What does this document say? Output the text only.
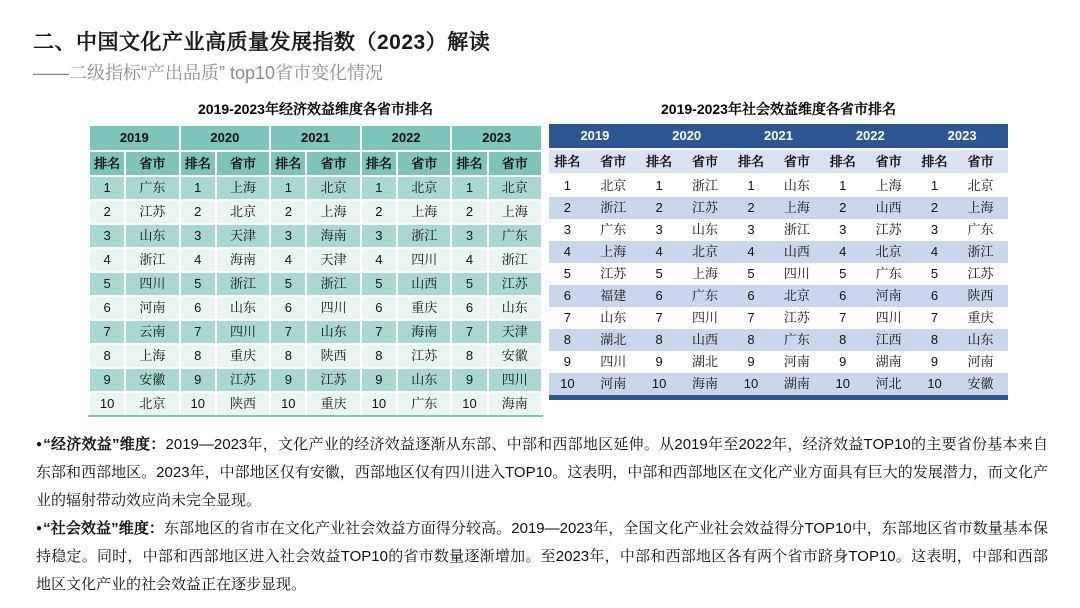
二、中国文化产业高质量发展指数（2023）解读
——二级指标“产出品质” top10省市变化情况
2019-2023年经济效益维度各省市排名
2019		2020		2021		2022		2023	
排名	省市	排名	省市	排名	省市	排名	省市	排名	省市
1	广东	1	上海	1	北京	1	北京	1	北京
2	江苏	2	北京	2	上海	2	上海	2	上海
3	山东	3	天津	3	海南	3	浙江	3	广东
4	浙江	4	海南	4	天津	4	四川	4	浙江
5	四川	5	浙江	5	浙江	5	山西	5	江苏
6	河南	6	山东	6	四川	6	重庆	6	山东
7	云南	7	四川	7	山东	7	海南	7	天津
8	上海	8	重庆	8	陕西	8	江苏	8	安徽
9	安徽	9	江苏	9	江苏	9	山东	9	四川
10	北京	10	陕西	10	重庆	10	广东	10	海南
2019-2023年社会效益维度各省市排名
2019		2020		2021		2022		2023	
排名	省市	排名	省市	排名	省市	排名	省市	排名	省市
1	北京	1	浙江	1	山东	1	上海	1	北京
2	浙江	2	江苏	2	上海	2	山西	2	上海
3	广东	3	山东	3	浙江	3	江苏	3	广东
4	上海	4	北京	4	山西	4	北京	4	浙江
5	江苏	5	上海	5	四川	5	广东	5	江苏
6	福建	6	广东	6	北京	6	河南	6	陕西
7	山东	7	四川	7	江苏	7	四川	7	重庆
8	湖北	8	山西	8	广东	8	江西	8	山东
9	四川	9	湖北	9	河南	9	湖南	9	河南
10	河南	10	海南	10	湖南	10	河北	10	安徽

●“经济效益”维度：2019—2023年，文化产业的经济效益逐渐从东部、中部和西部地区延伸。从2019年至2022年，经济效益TOP10的主要省份基本来自东部和西部地区。2023年，中部地区仅有安徽，西部地区仅有四川进入TOP10。这表明，中部和西部地区在文化产业方面具有巨大的发展潜力，而文化产业的辐射带动效应尚未完全显现。

●“社会效益”维度：东部地区的省市在文化产业社会效益方面得分较高。2019—2023年，全国文化产业社会效益得分TOP10中，东部地区省市数量基本保持稳定。同时，中部和西部地区进入社会效益TOP10的省市数量逐渐增加。至2023年，中部和西部地区各有两个省市跻身TOP10。这表明，中部和西部地区文化产业的社会效益正在逐步显现。
